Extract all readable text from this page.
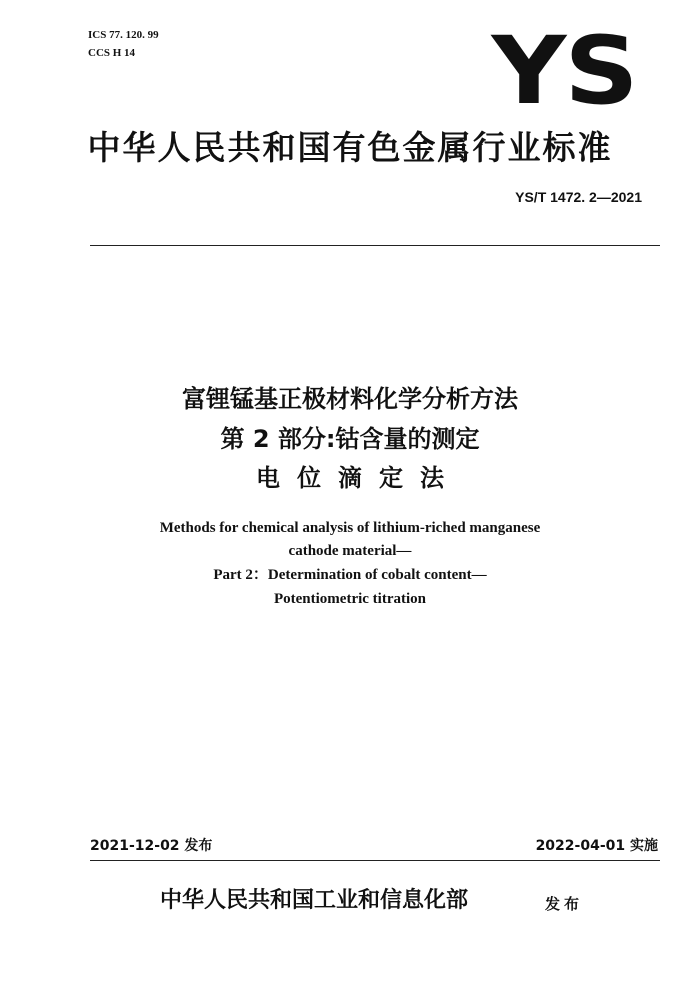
ICS 77. 120. 99
CCS H 14	YS
中华人民共和国有色金属行业标准
YS/T 1472. 2—2021
富锂锰基正极材料化学分析方法
第 2 部分:钴含量的测定
电位滴定法
Methods for chemical analysis of lithium-riched manganese
cathode material—
Part 2：Determination of cobalt content—
Potentiometric titration
2021-12-02 发布	2022-04-01 实施
中华人民共和国工业和信息化部	发布
